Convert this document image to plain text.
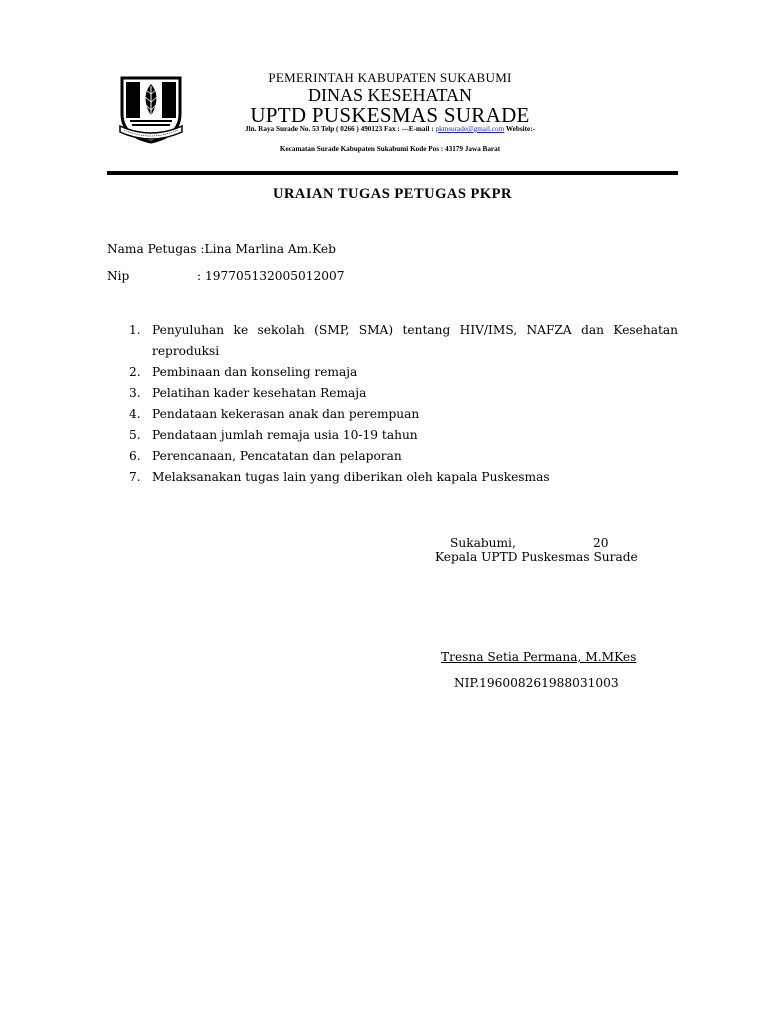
PEMERINTAH KABUPATEN SUKABUMI
DINAS KESEHATAN
UPTD PUSKESMAS SURADE
Jln. Raya Surade No. 53 Telp ( 0266 ) 490123 Fax : ---E-mail : pkmsurade@gmail.com Website:-
Kecamatan Surade Kabupaten Sukabumi Kode Pos : 43179 Jawa Barat
URAIAN TUGAS PETUGAS PKPR
Nama Petugas :Lina Marlina Am.Keb
Nip	: 197705132005012007
1. Penyuluhan ke sekolah (SMP, SMA) tentang HIV/IMS, NAFZA dan Kesehatan reproduksi
2. Pembinaan dan konseling remaja
3. Pelatihan kader kesehatan Remaja
4. Pendataan kekerasan anak dan perempuan
5. Pendataan jumlah remaja usia 10-19 tahun
6. Perencanaan, Pencatatan dan pelaporan
7. Melaksanakan tugas lain yang diberikan oleh kapala Puskesmas
Sukabumi,	20
Kepala UPTD Puskesmas Surade
Tresna Setia Permana, M.MKes
NIP.196008261988031003
